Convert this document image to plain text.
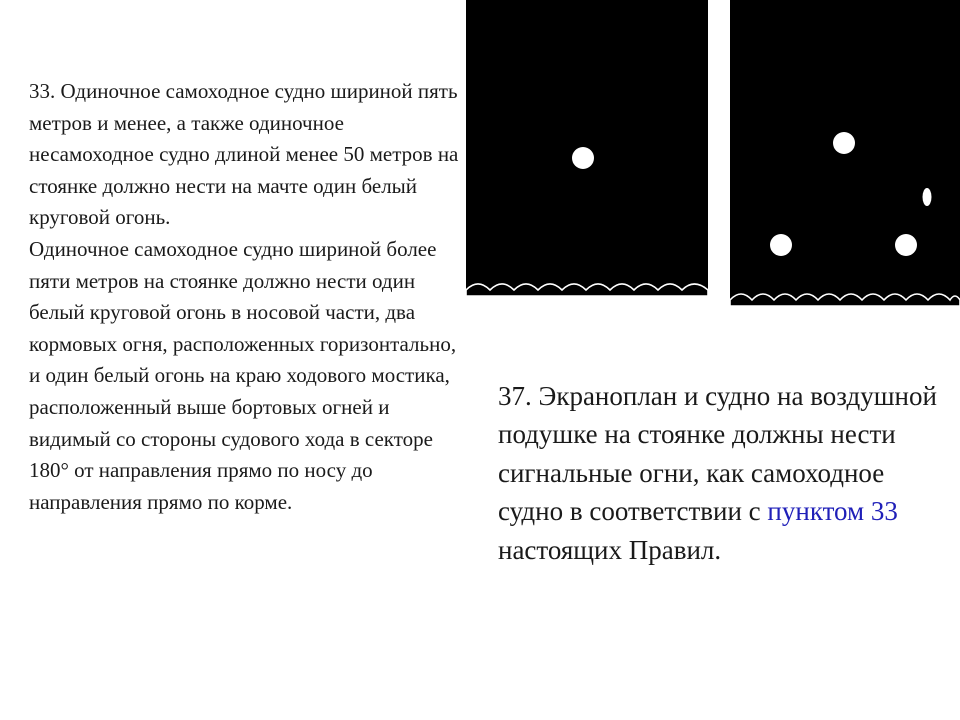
33. Одиночное самоходное судно шириной пять метров и менее, а также одиночное несамоходное судно длиной менее 50 метров на стоянке должно нести на мачте один белый круговой огонь.
Одиночное самоходное судно шириной более пяти метров на стоянке должно нести один белый круговой огонь в носовой части, два кормовых огня, расположенных горизонтально, и один белый огонь на краю ходового мостика, расположенный выше бортовых огней и видимый со стороны судового хода в секторе 180° от направления прямо по носу до направления прямо по корме.
37. Экраноплан и судно на воздушной подушке на стоянке должны нести сигнальные огни, как самоходное судно в соответствии с пунктом 33 настоящих Правил.
